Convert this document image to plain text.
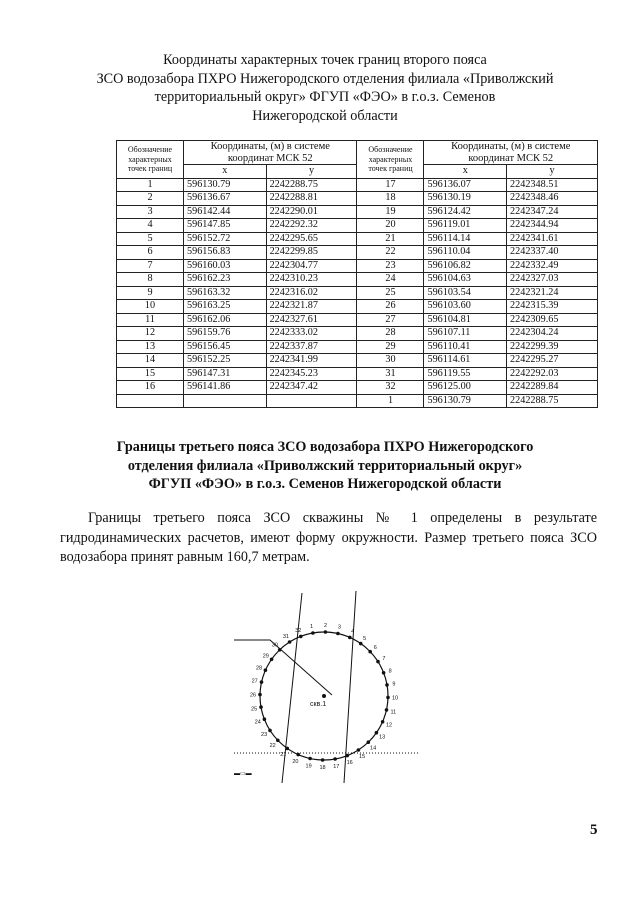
Координаты характерных точек границ второго пояса
ЗСО водозабора ПХРО Нижегородского отделения филиала «Приволжский
территориальный округ» ФГУП «ФЭО» в г.о.з. Семенов
Нижегородской области
Обозначение характерных точек границ	Координаты, (м) в системе координат МСК 52		Обозначение характерных точек границ	Координаты, (м) в системе координат МСК 52	
	x	y		x	y
1	596130.79	2242288.75	17	596136.07	2242348.51
2	596136.67	2242288.81	18	596130.19	2242348.46
3	596142.44	2242290.01	19	596124.42	2242347.24
4	596147.85	2242292.32	20	596119.01	2242344.94
5	596152.72	2242295.65	21	596114.14	2242341.61
6	596156.83	2242299.85	22	596110.04	2242337.40
7	596160.03	2242304.77	23	596106.82	2242332.49
8	596162.23	2242310.23	24	596104.63	2242327.03
9	596163.32	2242316.02	25	596103.54	2242321.24
10	596163.25	2242321.87	26	596103.60	2242315.39
11	596162.06	2242327.61	27	596104.81	2242309.65
12	596159.76	2242333.02	28	596107.11	2242304.24
13	596156.45	2242337.87	29	596110.41	2242299.39
14	596152.25	2242341.99	30	596114.61	2242295.27
15	596147.31	2242345.23	31	596119.55	2242292.03
16	596141.86	2242347.42	32	596125.00	2242289.84
			1	596130.79	2242288.75
Границы третьего пояса ЗСО водозабора ПХРО Нижегородского
отделения филиала «Приволжский территориальный округ»
ФГУП «ФЭО» в г.о.з. Семенов Нижегородской области
Границы третьего пояса ЗСО скважины № 1 определены в результате гидродинамических расчетов, имеют форму окружности. Размер третьего пояса ЗСО водозабора принят равным 160,7 метрам.
скв.1
▬▭▬
1 2 3
4
5
6
7
8
9
10
11
12
13
14
15
16
17
18
19
20
21
22
23
24
25
26
27
28
29
30
31
32
5
